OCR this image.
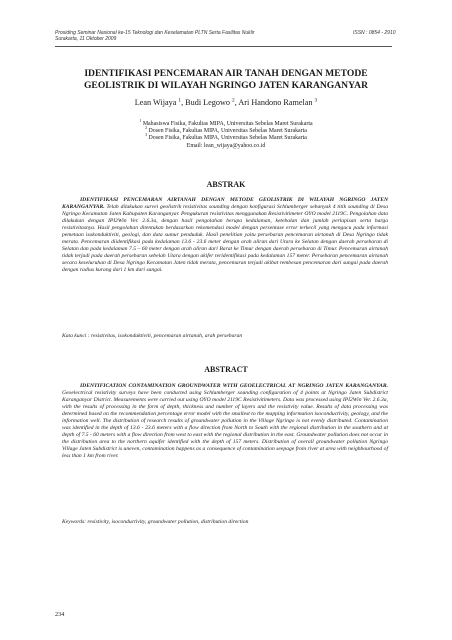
Prosiding Seminar Nasional ke-15 Teknologi dan Keselamatan PLTN Serta Fasilitas Nuklir
Surakarta, 11 Oktober 2009
ISSN : 0854 - 2910
IDENTIFIKASI PENCEMARAN AIR TANAH DENGAN METODE
GEOLISTRIK DI WILAYAH NGRINGO JATEN KARANGANYAR
Lean Wijaya $^1$, Budi Legowo $^2$, Ari Handono Ramelan $^3$
$^1$ Mahasiswa Fisika, Fakultas MIPA, Universitas Sebelas Maret Surakarta
$^2$ Dosen Fisika, Fakultas MIPA, Universitas Sebelas Maret Surakarta
$^3$ Dosen Fisika, Fakultas MIPA, Universitas Sebelas Maret Surakarta
Email: lean_wijaya@yahoo.co.id
ABSTRAK

IDENTIFIKASI PENCEMARAN AIRTANAH DENGAN METODE GEOLISTRIK DI WILAYAH NGRINGO JATEN KARANGANYAR. Telah dilakukan survei geolistrik resistivitas sounding dengan konfigurasi Schlumberger sebanyak 4 titik sounding di Desa Ngringo Kecamatan Jaten Kabupaten Karanganyar. Pengukuran resistivitas menggunakan Resistivitimeter OYO model 2119C. Pengolahan data dilakukan dengan IPI2Win Ver. 2.6.3a, dengan hasil pengolahan berupa kedalaman, ketebalan dan jumlah perlapisan serta harga resistivitasnya. Hasil pengolahan ditentukan berdasarkan rekomendasi model dengan persentase error terkecil yang mengacu pada informasi pemetaan isokonduktiviti, geologi, dan data sumur penduduk. Hasil penelitian yaitu persebaran pencemaran airtanah di Desa Ngringo tidak merata. Pencemaran diidentifikasi pada kedalaman 13.6 - 23.6 meter dengan arah aliran dari Utara ke Selatan dengan daerah persebaran di Selatan dan pada kedalaman 7.5 – 60 meter dengan arah aliran dari Barat ke Timur dengan daerah persebaran di Timur. Pencemaran airtanah tidak terjadi pada daerah persebaran sebelah Utara dengan akifer teridentifikasi pada kedalaman 157 meter. Persebaran pencemaran airtanah secara keseluruhan di Desa Ngringo Kecamatan Jaten tidak merata, pencemaran terjadi akibat rembesan pencemaran dari sungai pada daerah dengan radius kurang dari 1 km dari sungai.

Kata kunci : resistivitas, isokonduktiviti, pencemaran airtanah, arah persebaran

ABSTRACT

IDENTIFICATION CONTAMINATION GROUNDWATER WITH GEOELECTRICAL AT NGRINGO JATEN KARANGANYAR. Geoelectrical resistivity surveys have been conducted using Schlumberger sounding configuration of 4 points at Ngringo Jaten Subdistrict Karanganyar District. Measurements were carried out using OYO model 2119C Resistivitimeters. Data was processed using IPI2Win Ver. 2.6.3a, with the results of processing in the form of depth, thickness and number of layers and the resistivity value. Results of data processing was determined based on the recommendation percentage error model with the smallest to the mapping information isoconductivity, geology, and the information well. The distribution of research results of groundwater pollution in the Village Ngringo is not evenly distributed. Contamination was identified in the depth of 13.6 - 23.6 meters with a flow direction from North to South with the regional distribution in the southern and at depth of 7.5 - 60 meters with a flow direction from west to east with the regional distribution in the east. Groundwater pollution does not occur in the distribution area to the northern aquifer identified with the depth of 157 meters. Distribution of overall groundwater pollution Ngringo Village Jaten Subdistrict is uneven, contamination happens as a consequence of contamination seepage from river at area with neighbourhood of less than 1 km from river.

Keywords: resistivity, isoconductivity, groundwater pollution, distribution direction

234
